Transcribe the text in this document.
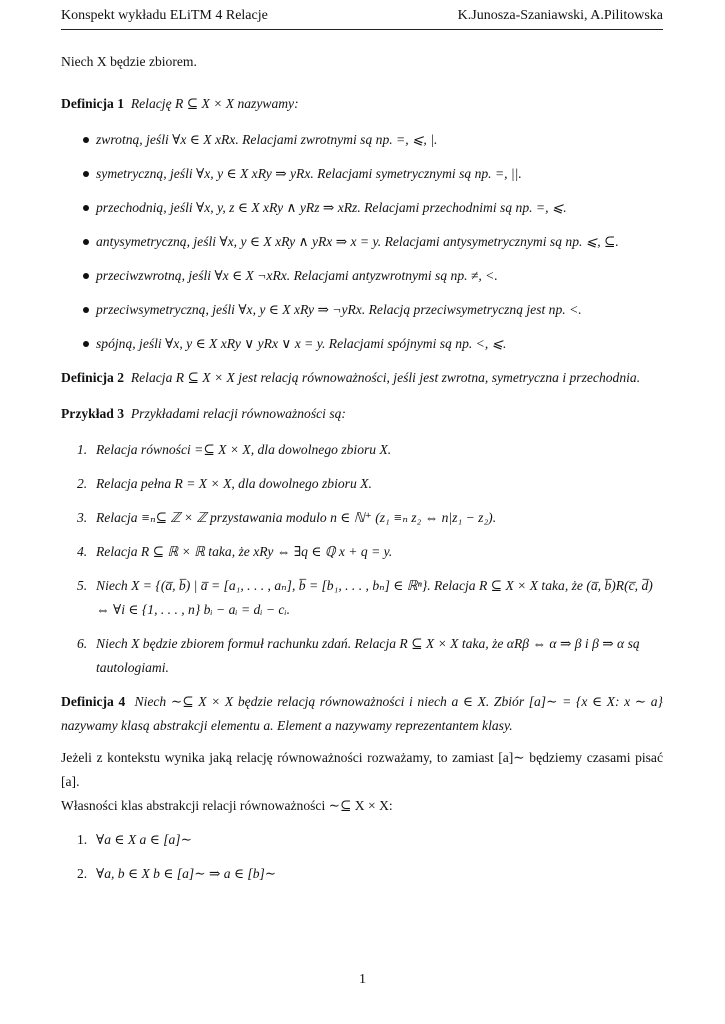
Konspekt wykładu ELiTM 4 Relacje	K.Junosza-Szaniawski, A.Pilitowska

Niech X będzie zbiorem.

Definicja 1 Relację R ⊆ X × X nazywamy:

zwrotną, jeśli ∀x ∈ X xRx. Relacjami zwrotnymi są np. =, ⩽, |.
symetryczną, jeśli ∀x, y ∈ X xRy ⇒ yRx. Relacjami symetrycznymi są np. =, ||.
przechodnią, jeśli ∀x, y, z ∈ X xRy ∧ yRz ⇒ xRz. Relacjami przechodnimi są np. =, ⩽.
antysymetryczną, jeśli ∀x, y ∈ X xRy ∧ yRx ⇒ x = y. Relacjami antysymetrycznymi są np. ⩽, ⊆.
przeciwzwrotną, jeśli ∀x ∈ X ¬xRx. Relacjami antyzwrotnymi są np. ≠, <.
przeciwsymetryczną, jeśli ∀x, y ∈ X xRy ⇒ ¬yRx. Relacją przeciwsymetryczną jest np. <.
spójną, jeśli ∀x, y ∈ X xRy ∨ yRx ∨ x = y. Relacjami spójnymi są np. <, ⩽.

Definicja 2 Relacja R ⊆ X × X jest relacją równoważności, jeśli jest zwrotna, symetryczna i przechodnia.

Przykład 3 Przykładami relacji równoważności są:

1. Relacja równości =⊆ X × X, dla dowolnego zbioru X.
2. Relacja pełna R = X × X, dla dowolnego zbioru X.
3. Relacja ≡ₙ⊆ ℤ × ℤ przystawania modulo n ∈ ℕ⁺ (z₁ ≡ₙ z₂ ⇔ n|z₁ − z₂).
4. Relacja R ⊆ ℝ × ℝ taka, że xRy ⇔ ∃q ∈ ℚ x + q = y.
5. Niech X = {(a̅, b̅) | a̅ = [a₁, . . . , aₙ], b̅ = [b₁, . . . , bₙ] ∈ ℝⁿ}. Relacja R ⊆ X × X taka, że (a̅, b̅)R(c̅, d̅) ⇔ ∀i ∈ {1, . . . , n} bᵢ − aᵢ = dᵢ − cᵢ.
6. Niech X będzie zbiorem formuł rachunku zdań. Relacja R ⊆ X × X taka, że αRβ ⇔ α ⇒ β i β ⇒ α są tautologiami.

Definicja 4 Niech ∼⊆ X × X będzie relacją równoważności i niech a ∈ X. Zbiór [a]∼ = {x ∈ X: x ∼ a} nazywamy klasą abstrakcji elementu a. Element a nazywamy reprezentantem klasy.

Jeżeli z kontekstu wynika jaką relację równoważności rozważamy, to zamiast [a]∼ będziemy czasami pisać [a].

Własności klas abstrakcji relacji równoważności ∼⊆ X × X:

1. ∀a ∈ X a ∈ [a]∼
2. ∀a, b ∈ X b ∈ [a]∼ ⇒ a ∈ [b]∼
1
